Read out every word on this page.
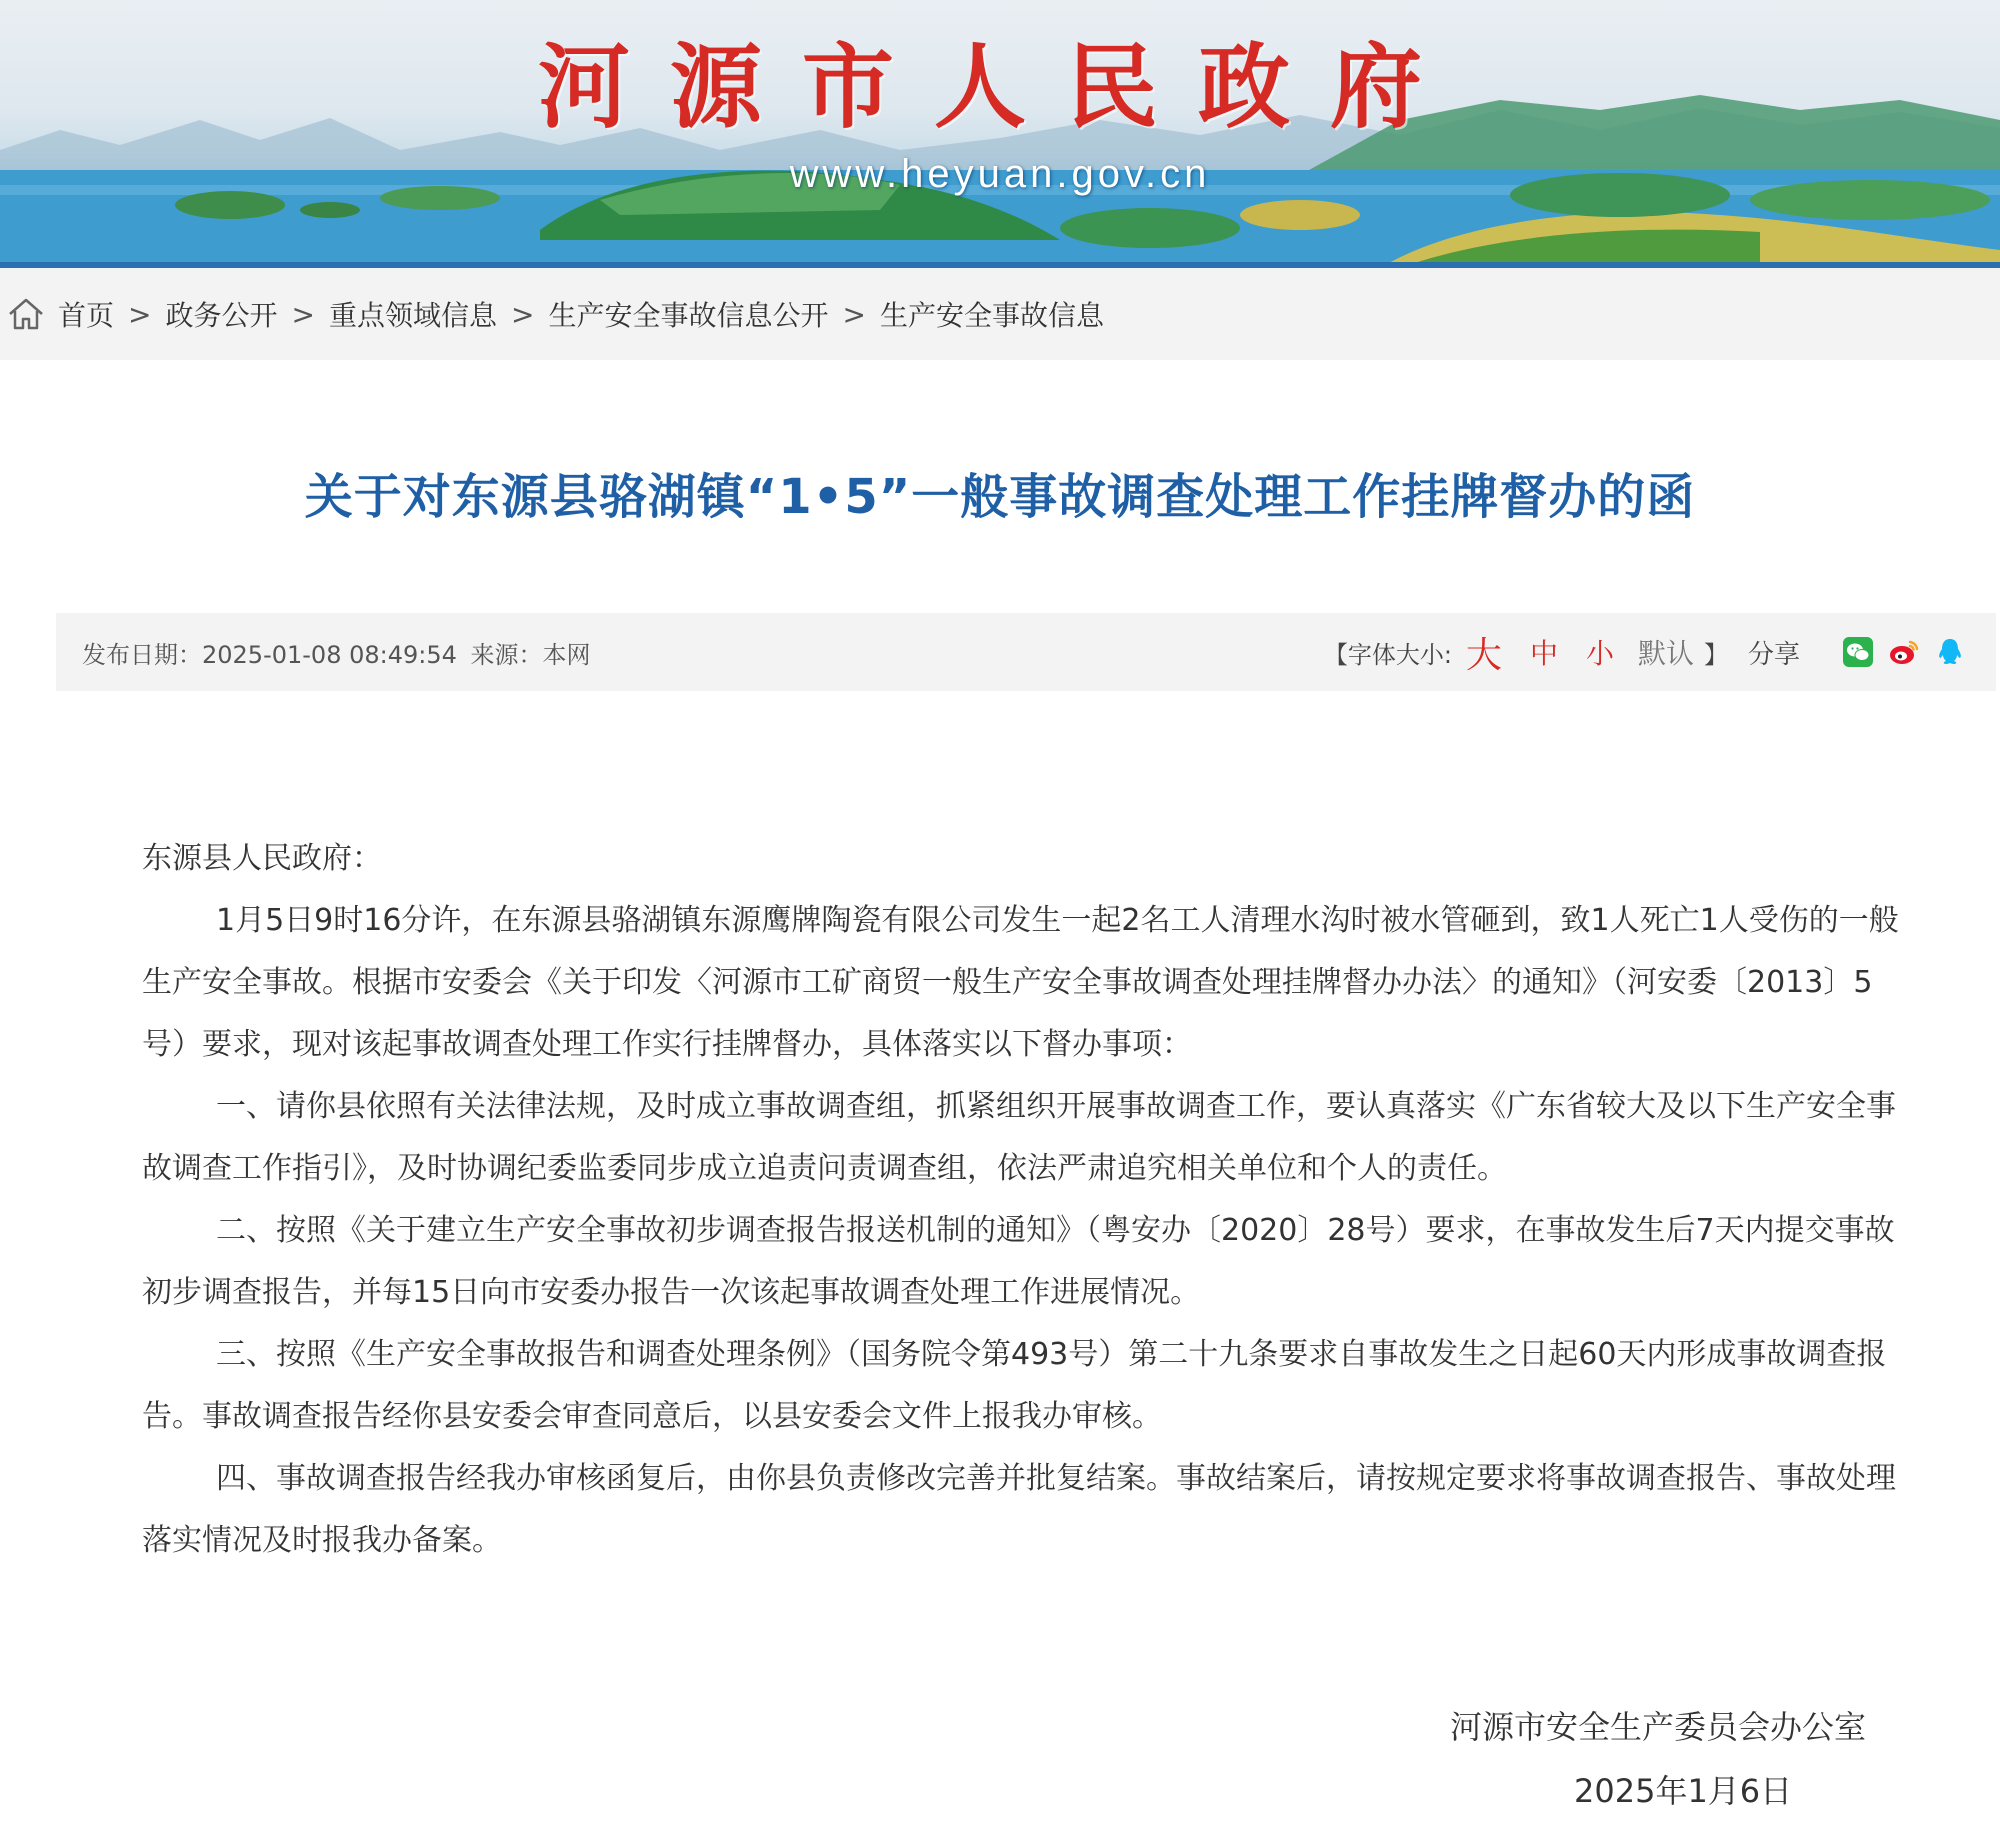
河源市人民政府
www.heyuan.gov.cn
首页 > 政务公开 > 重点领域信息 > 生产安全事故信息公开 > 生产安全事故信息
关于对东源县骆湖镇“1•5”一般事故调查处理工作挂牌督办的函
发布日期：2025-01-08 08:49:54 来源：本网	【字体大小: 大 中 小 默认 】 分享

东源县人民政府：

1月5日9时16分许，在东源县骆湖镇东源鹰牌陶瓷有限公司发生一起2名工人清理水沟时被水管砸到，致1人死亡1人受伤的一般生产安全事故。根据市安委会《关于印发〈河源市工矿商贸一般生产安全事故调查处理挂牌督办办法〉的通知》（河安委〔2013〕5号）要求，现对该起事故调查处理工作实行挂牌督办，具体落实以下督办事项：

一、请你县依照有关法律法规，及时成立事故调查组，抓紧组织开展事故调查工作，要认真落实《广东省较大及以下生产安全事故调查工作指引》，及时协调纪委监委同步成立追责问责调查组，依法严肃追究相关单位和个人的责任。

二、按照《关于建立生产安全事故初步调查报告报送机制的通知》（粤安办〔2020〕28号）要求，在事故发生后7天内提交事故初步调查报告，并每15日向市安委办报告一次该起事故调查处理工作进展情况。

三、按照《生产安全事故报告和调查处理条例》（国务院令第493号）第二十九条要求自事故发生之日起60天内形成事故调查报告。事故调查报告经你县安委会审查同意后，以县安委会文件上报我办审核。

四、事故调查报告经我办审核函复后，由你县负责修改完善并批复结案。事故结案后，请按规定要求将事故调查报告、事故处理落实情况及时报我办备案。

河源市安全生产委员会办公室
2025年1月6日
